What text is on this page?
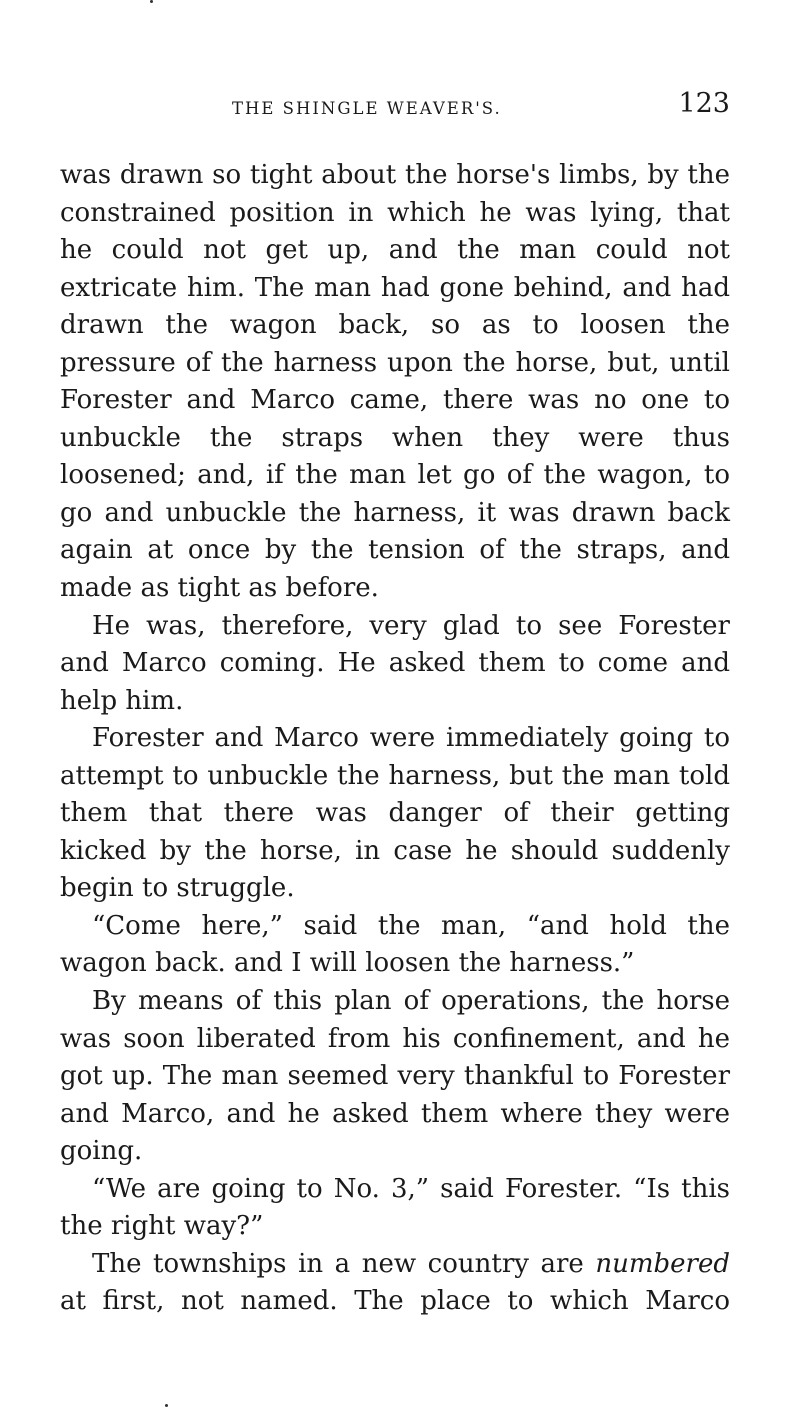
THE SHINGLE WEAVER'S.	123

was drawn so tight about the horse's limbs, by the constrained position in which he was lying, that he could not get up, and the man could not extricate him. The man had gone behind, and had drawn the wagon back, so as to loosen the pressure of the harness upon the horse, but, until Forester and Marco came, there was no one to unbuckle the straps when they were thus loosened; and, if the man let go of the wagon, to go and unbuckle the harness, it was drawn back again at once by the tension of the straps, and made as tight as before.

He was, therefore, very glad to see Forester and Marco coming. He asked them to come and help him.

Forester and Marco were immediately going to attempt to unbuckle the harness, but the man told them that there was danger of their getting kicked by the horse, in case he should suddenly begin to struggle.

“Come here,” said the man, “and hold the wagon back. and I will loosen the harness.”

By means of this plan of operations, the horse was soon liberated from his confinement, and he got up. The man seemed very thankful to Forester and Marco, and he asked them where they were going.

“We are going to No. 3,” said Forester. “Is this the right way?”

The townships in a new country are numbered at first, not named. The place to which Marco
